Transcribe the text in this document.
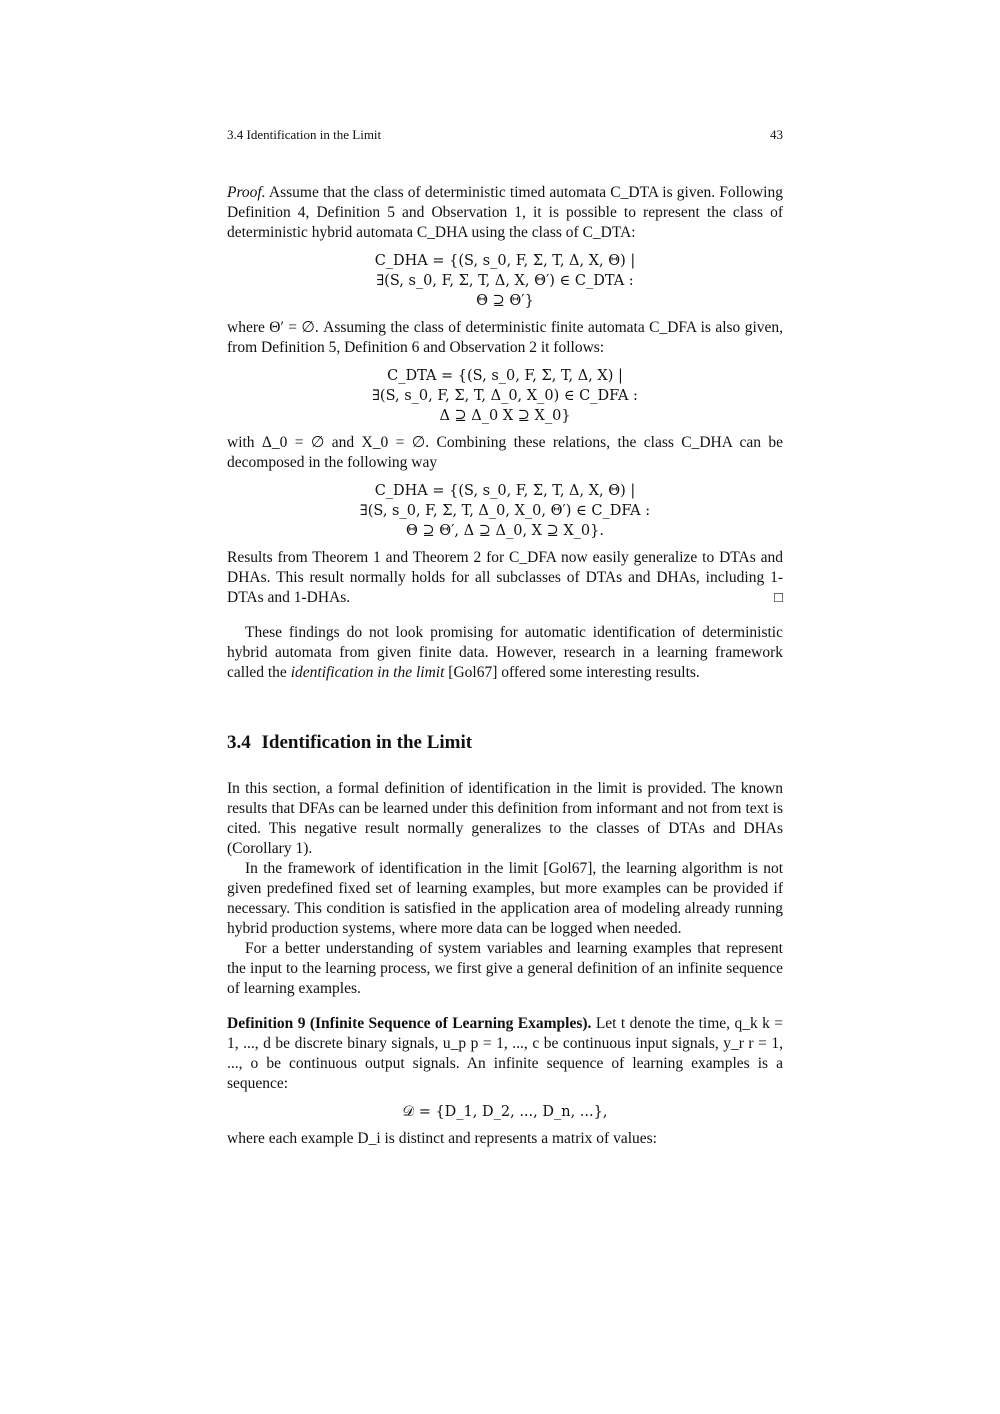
3.4 Identification in the Limit	43

Proof. Assume that the class of deterministic timed automata C_DTA is given. Following Definition 4, Definition 5 and Observation 1, it is possible to represent the class of deterministic hybrid automata C_DHA using the class of C_DTA:

C_DHA = {(S, s_0, F, Σ, T, Δ, X, Θ) |
∃(S, s_0, F, Σ, T, Δ, X, Θ′) ∈ C_DTA :
Θ ⊇ Θ′}

where Θ′ = ∅. Assuming the class of deterministic finite automata C_DFA is also given, from Definition 5, Definition 6 and Observation 2 it follows:

C_DTA = {(S, s_0, F, Σ, T, Δ, X) |
∃(S, s_0, F, Σ, T, Δ_0, X_0) ∈ C_DFA :
Δ ⊇ Δ_0 X ⊇ X_0}

with Δ_0 = ∅ and X_0 = ∅. Combining these relations, the class C_DHA can be decomposed in the following way

C_DHA = {(S, s_0, F, Σ, T, Δ, X, Θ) |
∃(S, s_0, F, Σ, T, Δ_0, X_0, Θ′) ∈ C_DFA :
Θ ⊇ Θ′, Δ ⊇ Δ_0, X ⊇ X_0}.

Results from Theorem 1 and Theorem 2 for C_DFA now easily generalize to DTAs and DHAs. This result normally holds for all subclasses of DTAs and DHAs, including 1-DTAs and 1-DHAs.	□

These findings do not look promising for automatic identification of deterministic hybrid automata from given finite data. However, research in a learning framework called the identification in the limit [Gol67] offered some interesting results.

3.4 Identification in the Limit

In this section, a formal definition of identification in the limit is provided. The known results that DFAs can be learned under this definition from informant and not from text is cited. This negative result normally generalizes to the classes of DTAs and DHAs (Corollary 1).

In the framework of identification in the limit [Gol67], the learning algorithm is not given predefined fixed set of learning examples, but more examples can be provided if necessary. This condition is satisfied in the application area of modeling already running hybrid production systems, where more data can be logged when needed.

For a better understanding of system variables and learning examples that represent the input to the learning process, we first give a general definition of an infinite sequence of learning examples.

Definition 9 (Infinite Sequence of Learning Examples). Let t denote the time, q_k k = 1, ..., d be discrete binary signals, u_p p = 1, ..., c be continuous input signals, y_r r = 1, ..., o be continuous output signals. An infinite sequence of learning examples is a sequence:

𝒟 = {D_1, D_2, ..., D_n, ...},

where each example D_i is distinct and represents a matrix of values:
